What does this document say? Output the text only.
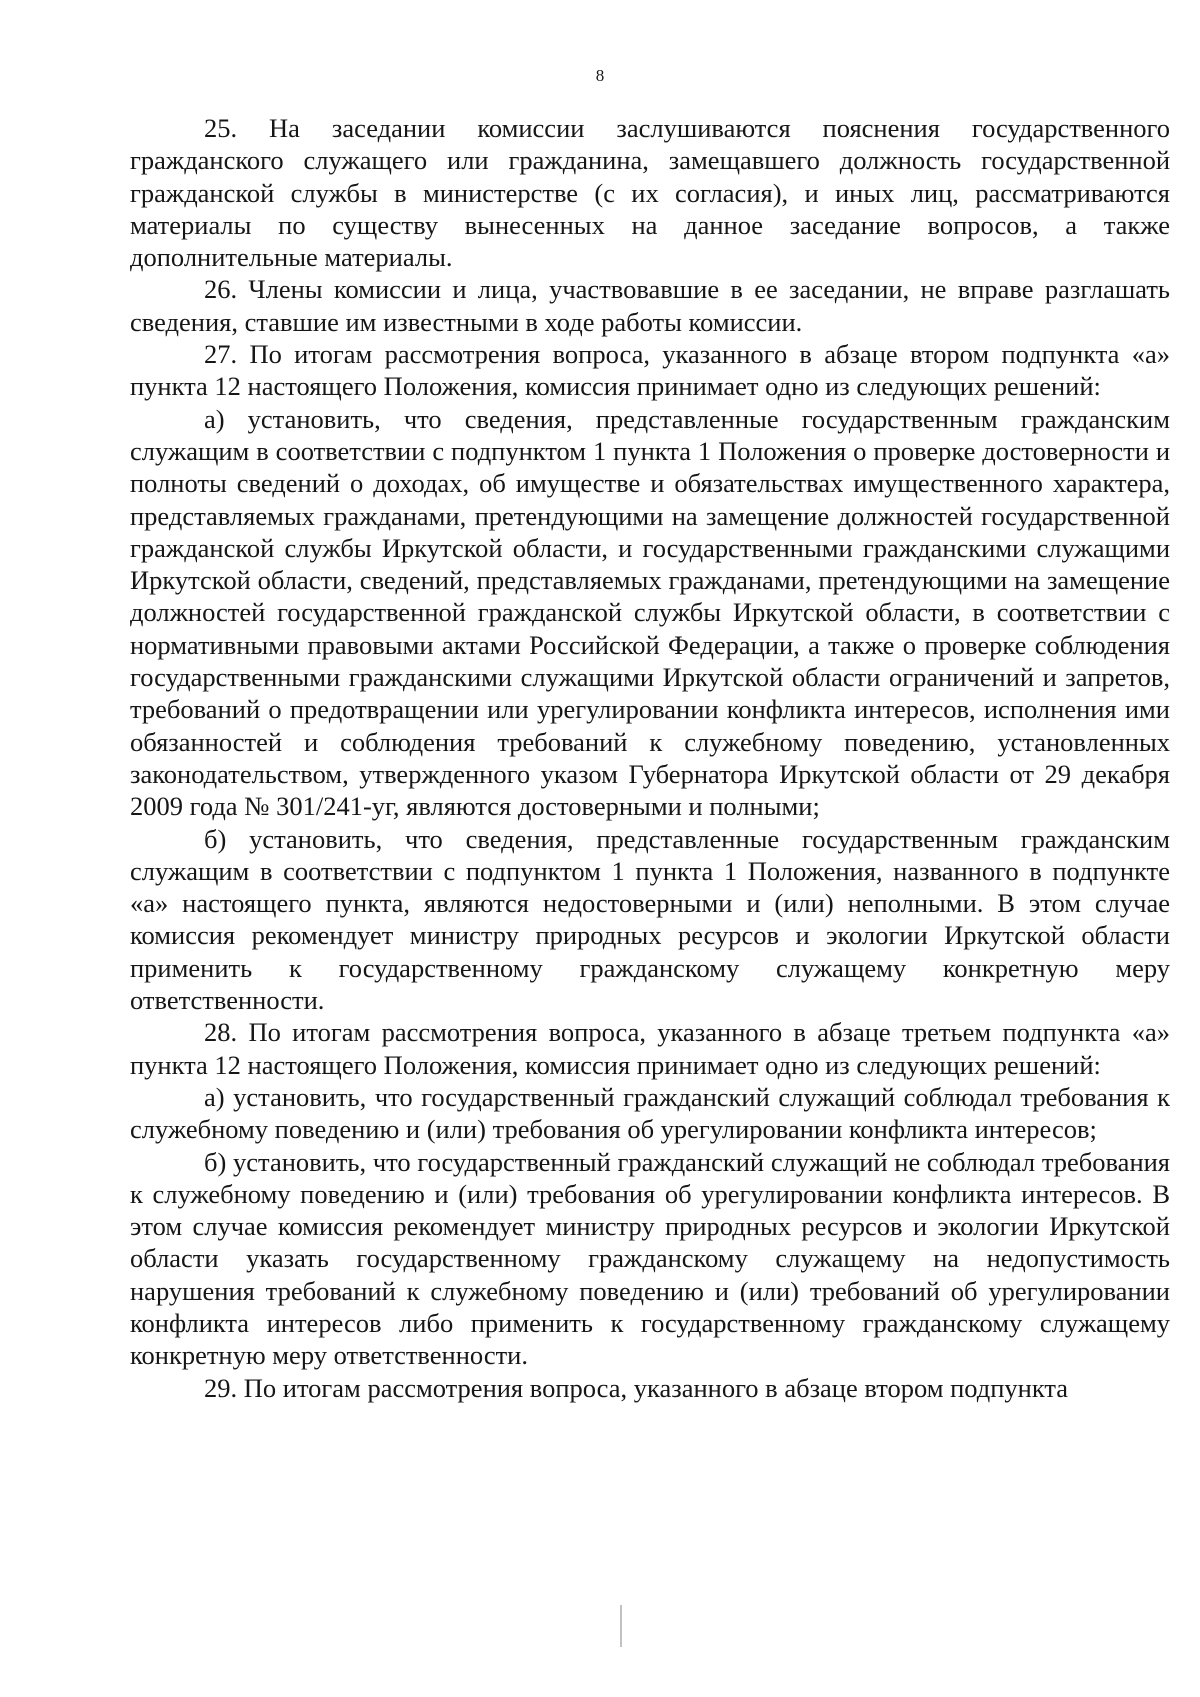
8

25. На заседании комиссии заслушиваются пояснения государственного гражданского служащего или гражданина, замещавшего должность государственной гражданской службы в министерстве (с их согласия), и иных лиц, рассматриваются материалы по существу вынесенных на данное заседание вопросов, а также дополнительные материалы.

26. Члены комиссии и лица, участвовавшие в ее заседании, не вправе разглашать сведения, ставшие им известными в ходе работы комиссии.

27. По итогам рассмотрения вопроса, указанного в абзаце втором подпункта «а» пункта 12 настоящего Положения, комиссия принимает одно из следующих решений:

а) установить, что сведения, представленные государственным гражданским служащим в соответствии с подпунктом 1 пункта 1 Положения о проверке достоверности и полноты сведений о доходах, об имуществе и обязательствах имущественного характера, представляемых гражданами, претендующими на замещение должностей государственной гражданской службы Иркутской области, и государственными гражданскими служащими Иркутской области, сведений, представляемых гражданами, претендующими на замещение должностей государственной гражданской службы Иркутской области, в соответствии с нормативными правовыми актами Российской Федерации, а также о проверке соблюдения государственными гражданскими служащими Иркутской области ограничений и запретов, требований о предотвращении или урегулировании конфликта интересов, исполнения ими обязанностей и соблюдения требований к служебному поведению, установленных законодательством, утвержденного указом Губернатора Иркутской области от 29 декабря 2009 года № 301/241-уг, являются достоверными и полными;

б) установить, что сведения, представленные государственным гражданским служащим в соответствии с подпунктом 1 пункта 1 Положения, названного в подпункте «а» настоящего пункта, являются недостоверными и (или) неполными. В этом случае комиссия рекомендует министру природных ресурсов и экологии Иркутской области применить к государственному гражданскому служащему конкретную меру ответственности.

28. По итогам рассмотрения вопроса, указанного в абзаце третьем подпункта «а» пункта 12 настоящего Положения, комиссия принимает одно из следующих решений:

а) установить, что государственный гражданский служащий соблюдал требования к служебному поведению и (или) требования об урегулировании конфликта интересов;

б) установить, что государственный гражданский служащий не соблюдал требования к служебному поведению и (или) требования об урегулировании конфликта интересов. В этом случае комиссия рекомендует министру природных ресурсов и экологии Иркутской области указать государственному гражданскому служащему на недопустимость нарушения требований к служебному поведению и (или) требований об урегулировании конфликта интересов либо применить к государственному гражданскому служащему конкретную меру ответственности.

29. По итогам рассмотрения вопроса, указанного в абзаце втором подпункта
